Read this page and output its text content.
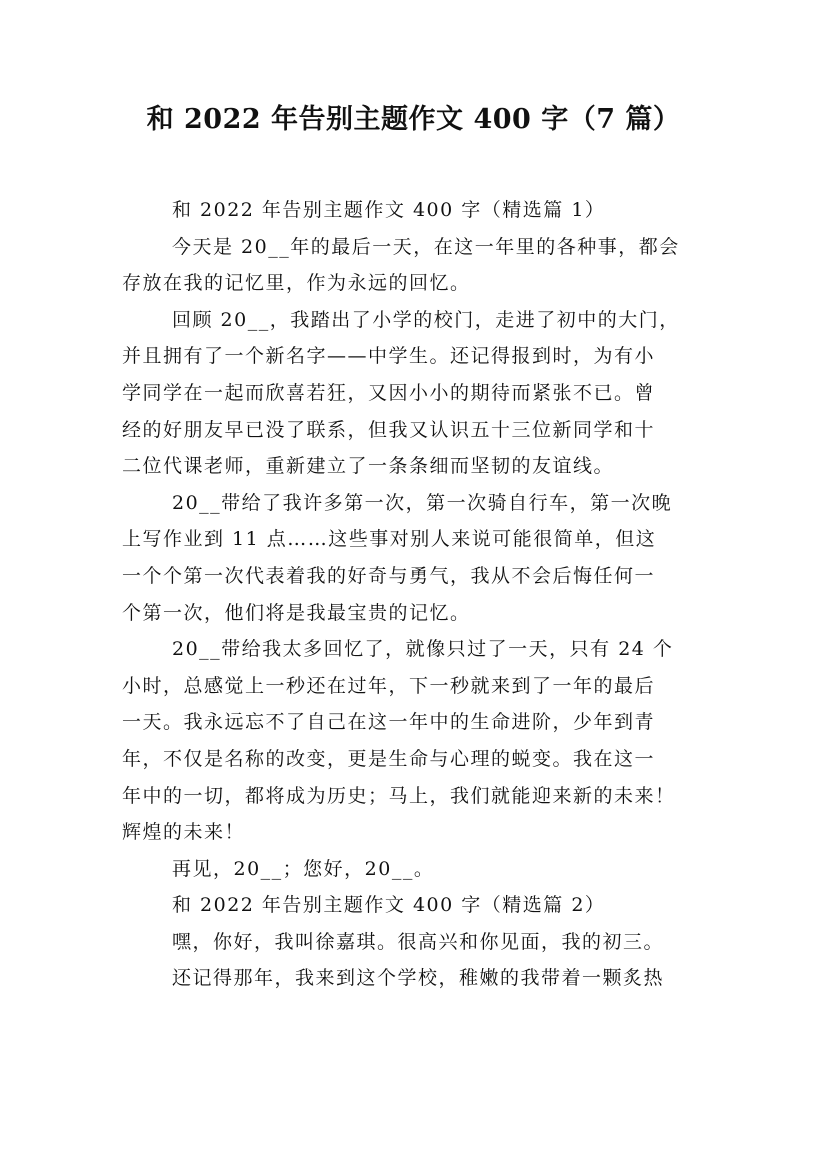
和 2022 年告别主题作文 400 字（7 篇）
和 2022 年告别主题作文 400 字（精选篇 1）
今天是 20__年的最后一天，在这一年里的各种事，都会
存放在我的记忆里，作为永远的回忆。
回顾 20__，我踏出了小学的校门，走进了初中的大门，
并且拥有了一个新名字——中学生。还记得报到时，为有小
学同学在一起而欣喜若狂，又因小小的期待而紧张不已。曾
经的好朋友早已没了联系，但我又认识五十三位新同学和十
二位代课老师，重新建立了一条条细而坚韧的友谊线。
20__带给了我许多第一次，第一次骑自行车，第一次晚
上写作业到 11 点……这些事对别人来说可能很简单，但这
一个个第一次代表着我的好奇与勇气，我从不会后悔任何一
个第一次，他们将是我最宝贵的记忆。
20__带给我太多回忆了，就像只过了一天，只有 24 个
小时，总感觉上一秒还在过年，下一秒就来到了一年的最后
一天。我永远忘不了自己在这一年中的生命进阶，少年到青
年，不仅是名称的改变，更是生命与心理的蜕变。我在这一
年中的一切，都将成为历史；马上，我们就能迎来新的未来！
辉煌的未来！
再见，20__；您好，20__。
和 2022 年告别主题作文 400 字（精选篇 2）
嘿，你好，我叫徐嘉琪。很高兴和你见面，我的初三。
还记得那年，我来到这个学校，稚嫩的我带着一颗炙热
